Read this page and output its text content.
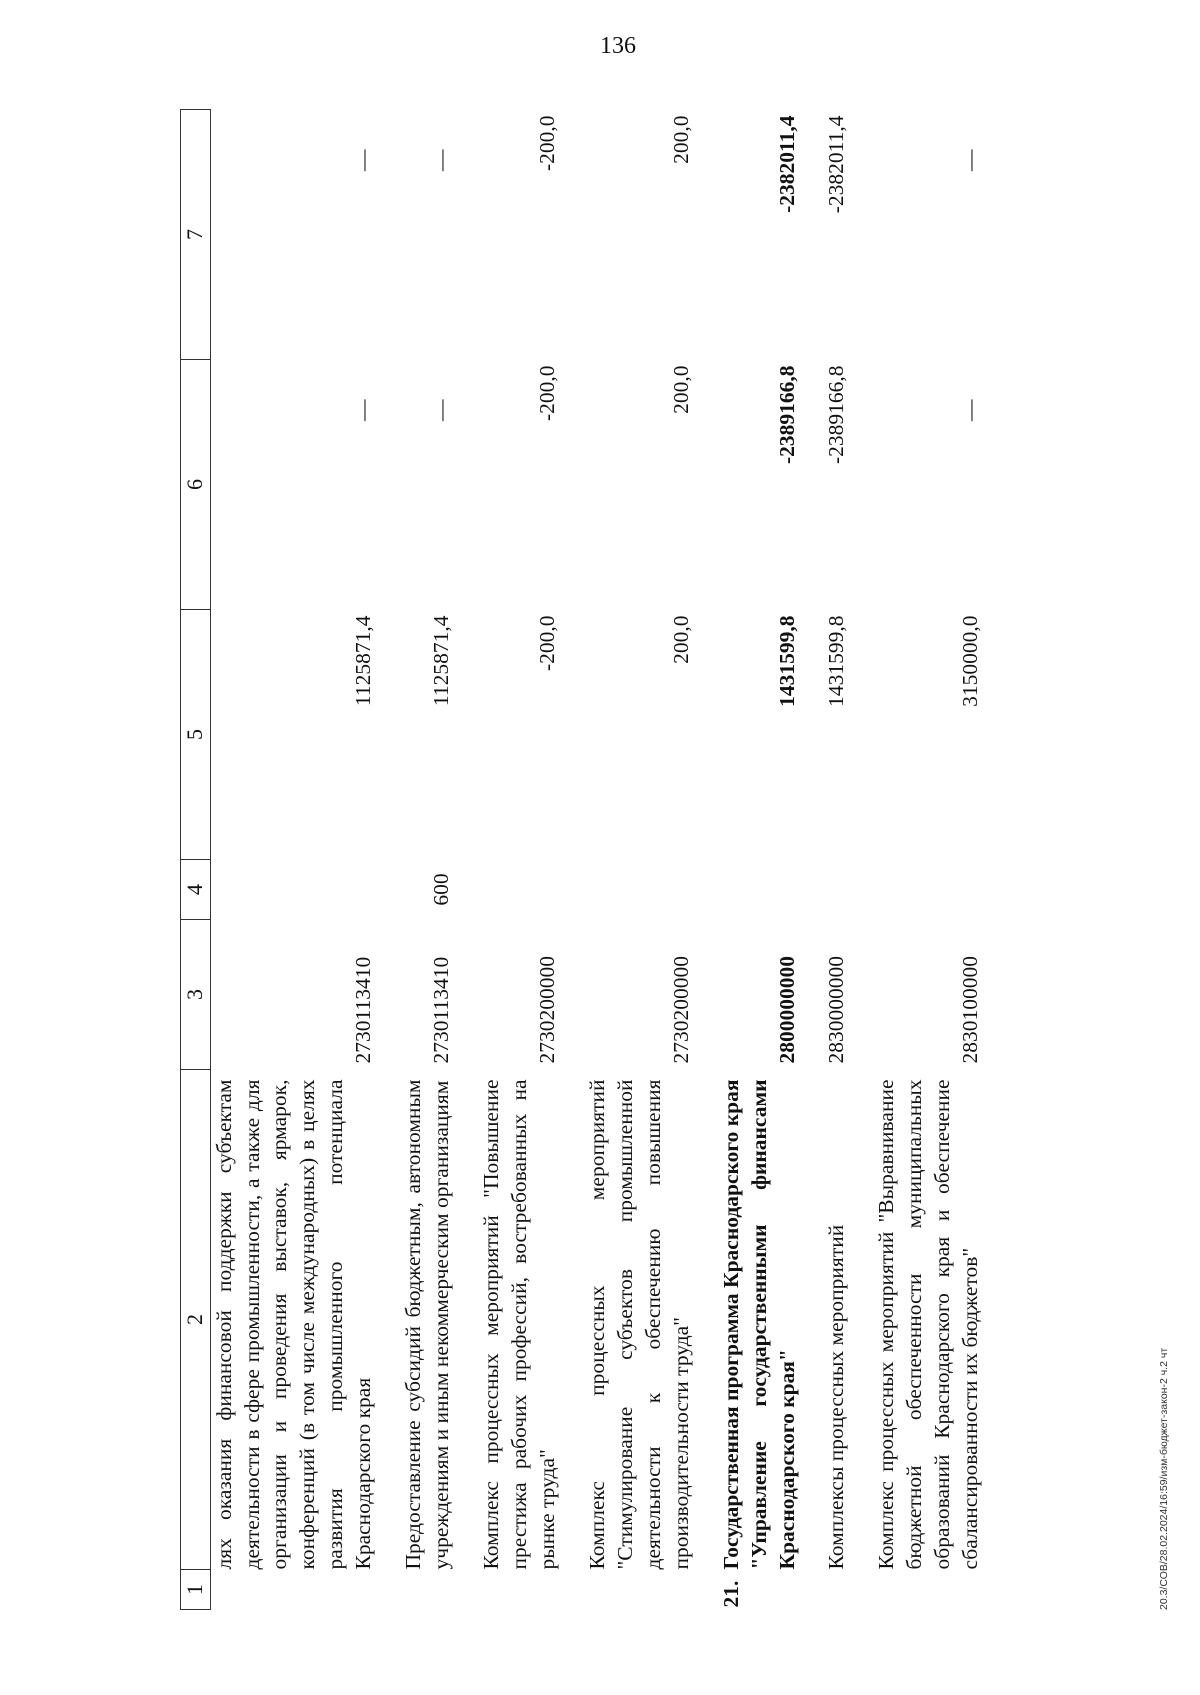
136
1	2	3	4	5	6	7
	лях оказания финансовой поддержки субъектам деятельности в сфере промышленности, а также для организации и проведения выставок, ярмарок, конференций (в том числе международных) в целях развития промышленного потенциала Краснодарского края	2730113410		1125871,4	—	—

	Предоставление субсидий бюджетным, автономным учреждениям и иным некоммерческим организациям	2730113410	600	1125871,4	—	—

	Комплекс процессных мероприятий "Повышение престижа рабочих профессий, востребованных на рынке труда"	2730200000		-200,0	-200,0	-200,0

	Комплекс процессных мероприятий "Стимулирование субъектов промышленной деятельности к обеспечению повышения производительности труда"	2730200000		200,0	200,0	200,0

21.	Государственная программа Краснодарского края "Управление государственными финансами Краснодарского края"	2800000000		1431599,8	-2389166,8	-2382011,4

	Комплексы процессных мероприятий	2830000000		1431599,8	-2389166,8	-2382011,4

	Комплекс процессных мероприятий "Выравнивание бюджетной обеспеченности муниципальных образований Краснодарского края и обеспечение сбалансированности их бюджетов"	2830100000		3150000,0	—	—
20.3/СОВ/28.02.2024/16:59/изм-бюджет-закон-2 ч.2 чт
